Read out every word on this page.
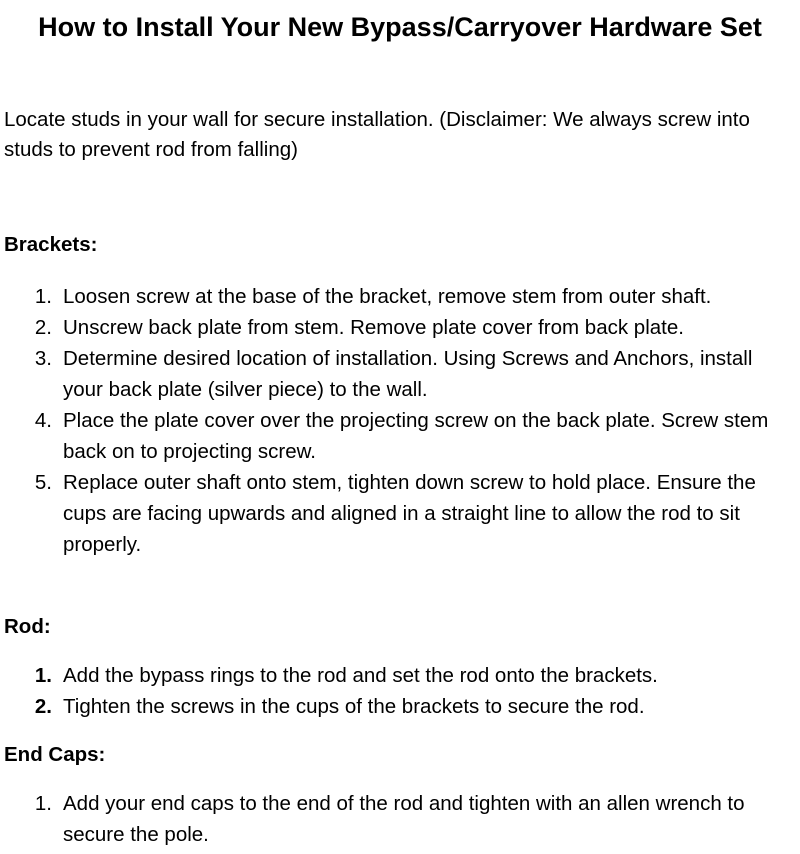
How to Install Your New Bypass/Carryover Hardware Set

Locate studs in your wall for secure installation. (Disclaimer: We always screw into studs to prevent rod from falling)

Brackets:
1. Loosen screw at the base of the bracket, remove stem from outer shaft.
2. Unscrew back plate from stem. Remove plate cover from back plate.
3. Determine desired location of installation. Using Screws and Anchors, install your back plate (silver piece) to the wall.
4. Place the plate cover over the projecting screw on the back plate. Screw stem back on to projecting screw.
5. Replace outer shaft onto stem, tighten down screw to hold place. Ensure the cups are facing upwards and aligned in a straight line to allow the rod to sit properly.
Rod:
1. Add the bypass rings to the rod and set the rod onto the brackets.
2. Tighten the screws in the cups of the brackets to secure the rod.
End Caps:
1. Add your end caps to the end of the rod and tighten with an allen wrench to secure the pole.
